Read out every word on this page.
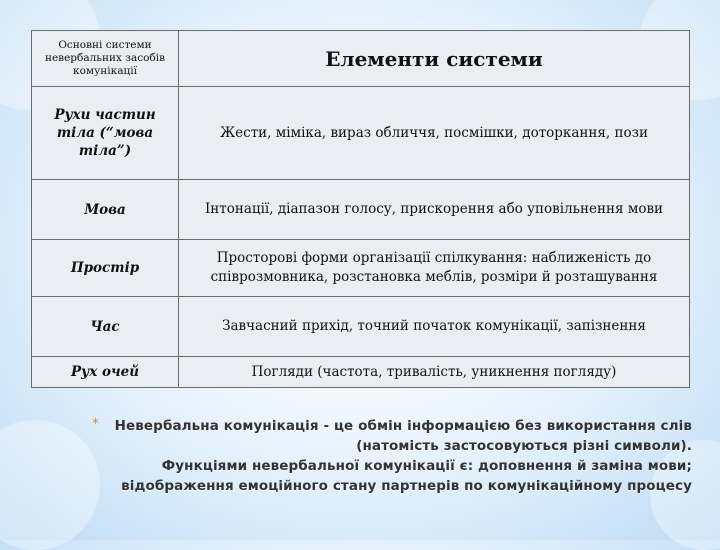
Основні системи невербальних засобів комунікації	Елементи системи

Рухи частин тіла (“мова тіла”)	Жести, міміка, вираз обличчя, посмішки, доторкання, пози

Мова	Інтонації, діапазон голосу, прискорення або уповільнення мови

Простір	Просторові форми організації спілкування: наближеність до співрозмовника, розстановка меблів, розміри й розташування

Час	Завчасний прихід, точний початок комунікації, запізнення

Рух очей	Погляди (частота, тривалість, уникнення погляду)
*	Невербальна комунікація - це обмін інформацією без використання слів
(натомість застосовуються різні символи).
Функціями невербальної комунікації є: доповнення й заміна мови;
відображення емоційного стану партнерів по комунікаційному процесу
